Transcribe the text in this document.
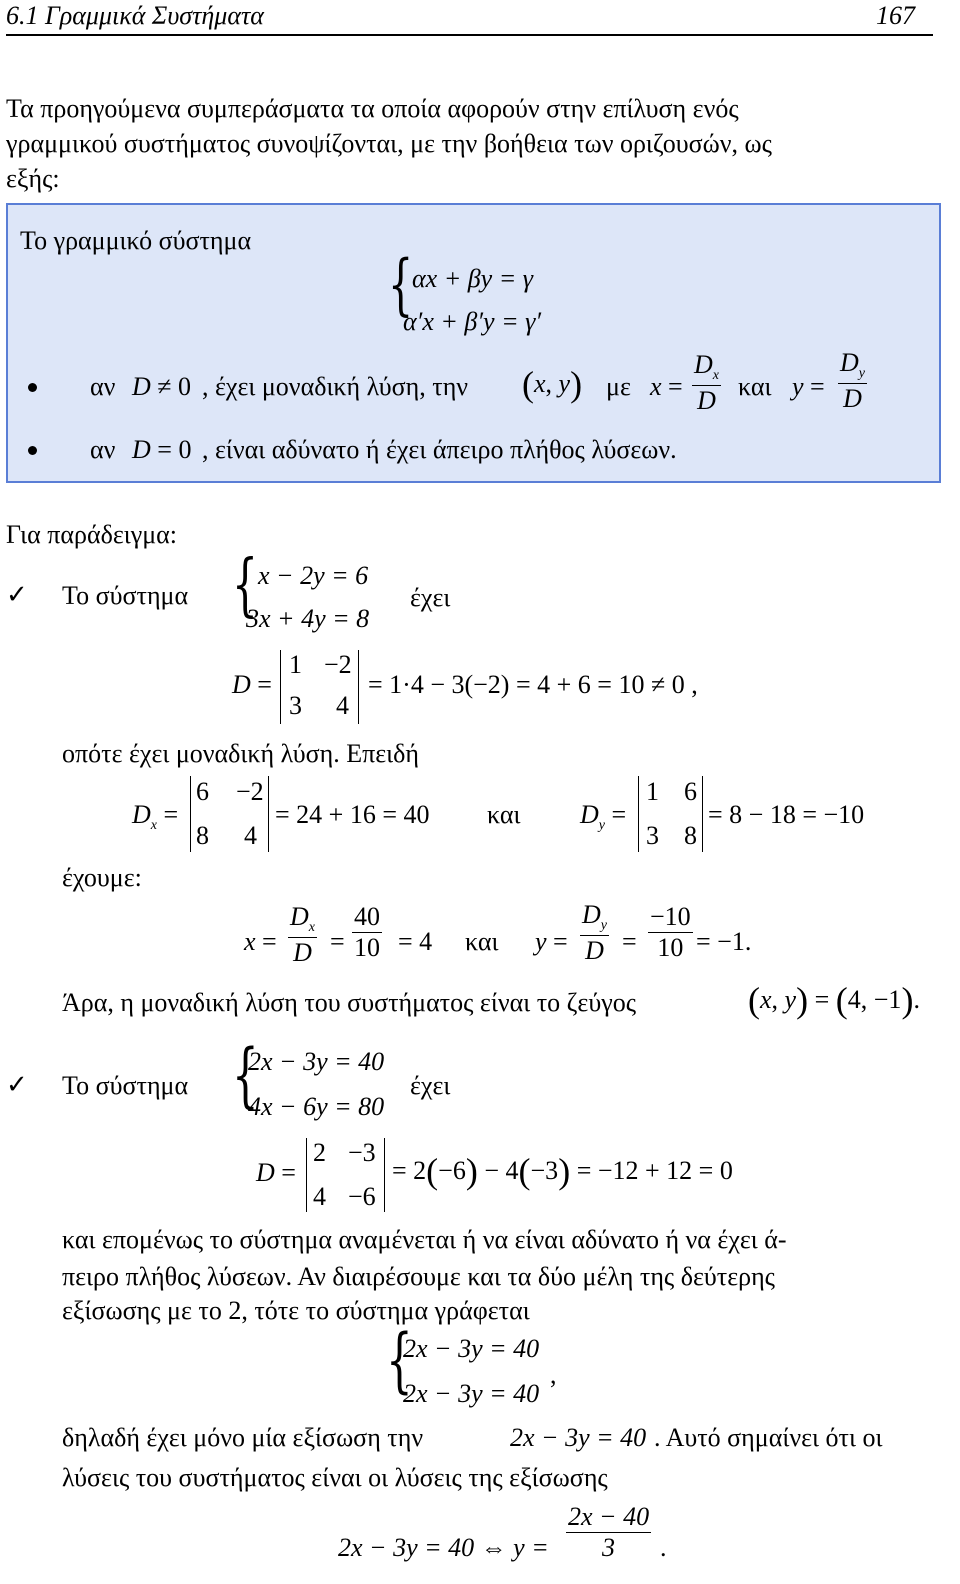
6.1 Γραμμικά Συστήματα	167
Τα προηγούμενα συμπεράσματα τα οποία αφορούν στην επίλυση ενός
γραμμικού συστήματος συνοψίζονται, με την βοήθεια των οριζουσών, ως
εξής:
Το γραμμικό σύστημα
{
αx + βy = γ
α′x + β′y = γ′
αν D ≠ 0 , έχει μοναδική λύση, την (x, y) με x =
$D_x$
D και y =
$D_y$
D
αν D = 0 , είναι αδύνατο ή έχει άπειρο πλήθος λύσεων.
Για παράδειγμα:
✓ Το σύστημα { x − 2y = 6
3x + 4y = 8
έχει
D =
1 −2
3 4
= 1·4 − 3(−2) = 4 + 6 = 10 ≠ 0 ,
οπότε έχει μοναδική λύση. Επειδή
$D_x$ =
6 −2
8 4
= 24 + 16 = 40 και $D_y$ =
1 6
3 8
= 8 − 18 = −10
έχουμε:
x =
$D_x$
D =
40
10 = 4 και y =
$D_y$
D =
−10
10 = −1.
Άρα, η μοναδική λύση του συστήματος είναι το ζεύγος	(x, y) = (4, −1).
✓ Το σύστημα {
2x − 3y = 40
4x − 6y = 80
έχει
D =
2 −3
4 −6
= 2(−6) − 4(−3) = −12 + 12 = 0
και επομένως το σύστημα αναμένεται ή να είναι αδύνατο ή να έχει ά-
πειρο πλήθος λύσεων. Αν διαιρέσουμε και τα δύο μέλη της δεύτερης
εξίσωσης με το 2, τότε το σύστημα γράφεται
{
2x − 3y = 40
2x − 3y = 40
,
δηλαδή έχει μόνο μία εξίσωση την	2x − 3y = 40 . Αυτό σημαίνει ότι οι
λύσεις του συστήματος είναι οι λύσεις της εξίσωσης
2x − 3y = 40 ⇔ y =
2x − 40
3 .
